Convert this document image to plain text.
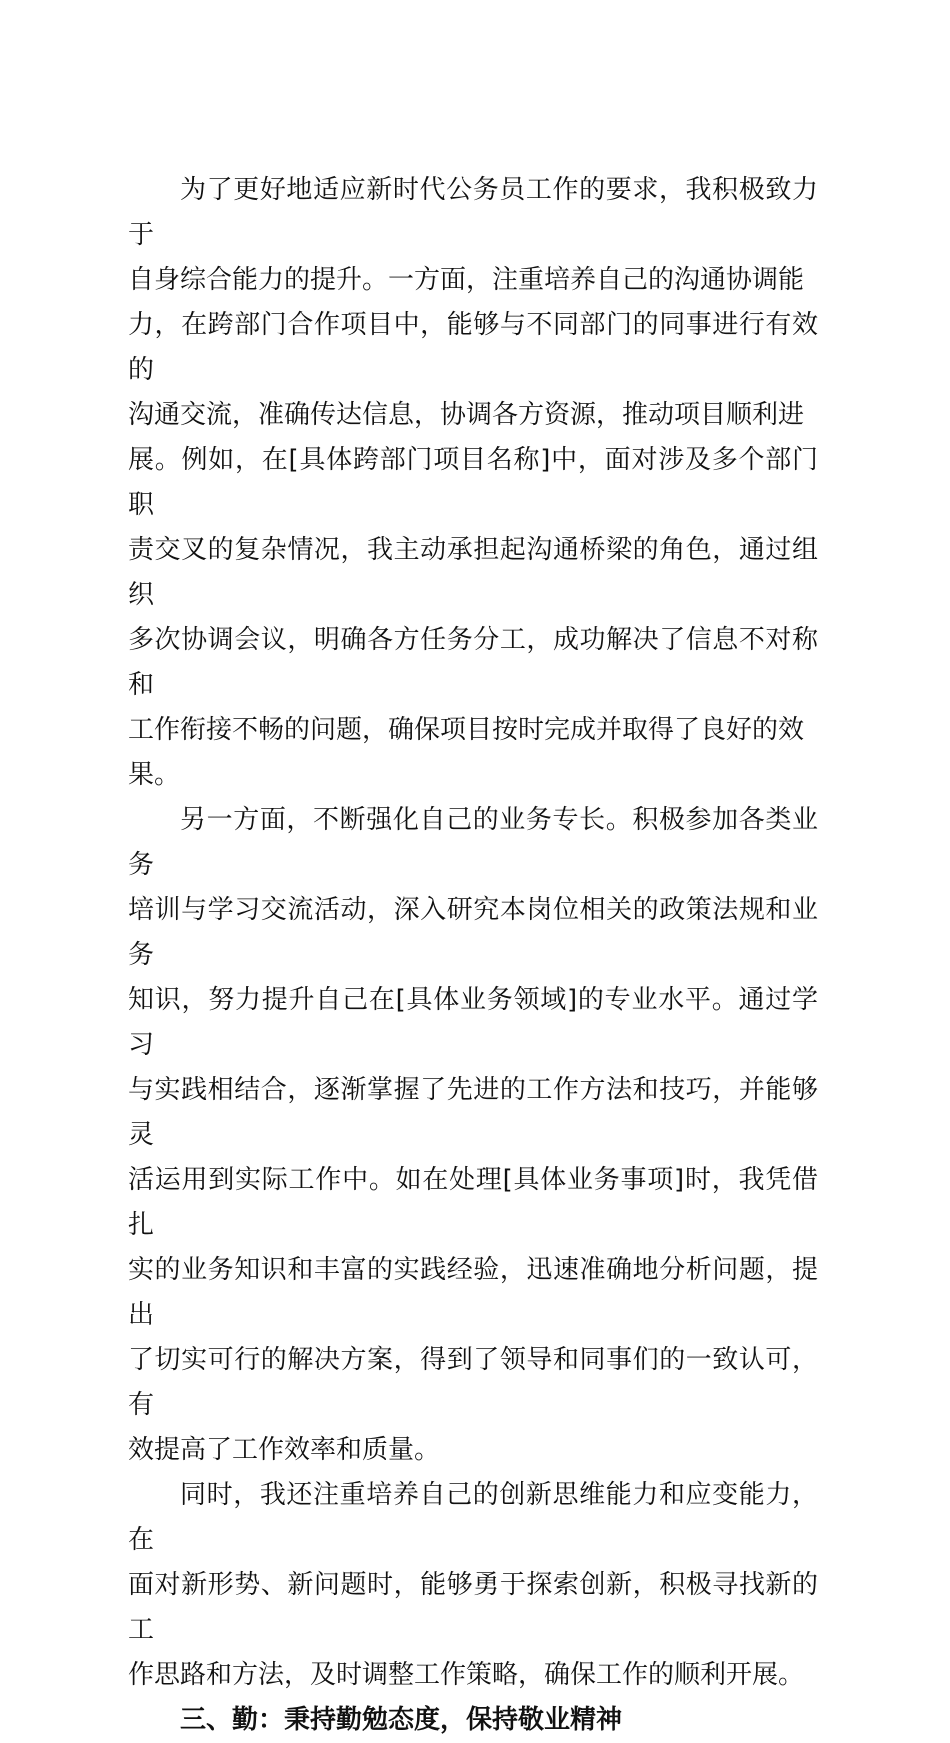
为了更好地适应新时代公务员工作的要求，我积极致力于
自身综合能力的提升。一方面，注重培养自己的沟通协调能
力，在跨部门合作项目中，能够与不同部门的同事进行有效的
沟通交流，准确传达信息，协调各方资源，推动项目顺利进
展。例如，在[具体跨部门项目名称]中，面对涉及多个部门职
责交叉的复杂情况，我主动承担起沟通桥梁的角色，通过组织
多次协调会议，明确各方任务分工，成功解决了信息不对称和
工作衔接不畅的问题，确保项目按时完成并取得了良好的效
果。

另一方面，不断强化自己的业务专长。积极参加各类业务
培训与学习交流活动，深入研究本岗位相关的政策法规和业务
知识，努力提升自己在[具体业务领域]的专业水平。通过学习
与实践相结合，逐渐掌握了先进的工作方法和技巧，并能够灵
活运用到实际工作中。如在处理[具体业务事项]时，我凭借扎
实的业务知识和丰富的实践经验，迅速准确地分析问题，提出
了切实可行的解决方案，得到了领导和同事们的一致认可，有
效提高了工作效率和质量。

同时，我还注重培养自己的创新思维能力和应变能力，在
面对新形势、新问题时，能够勇于探索创新，积极寻找新的工
作思路和方法，及时调整工作策略，确保工作的顺利开展。

三、勤：秉持勤勉态度，保持敬业精神
